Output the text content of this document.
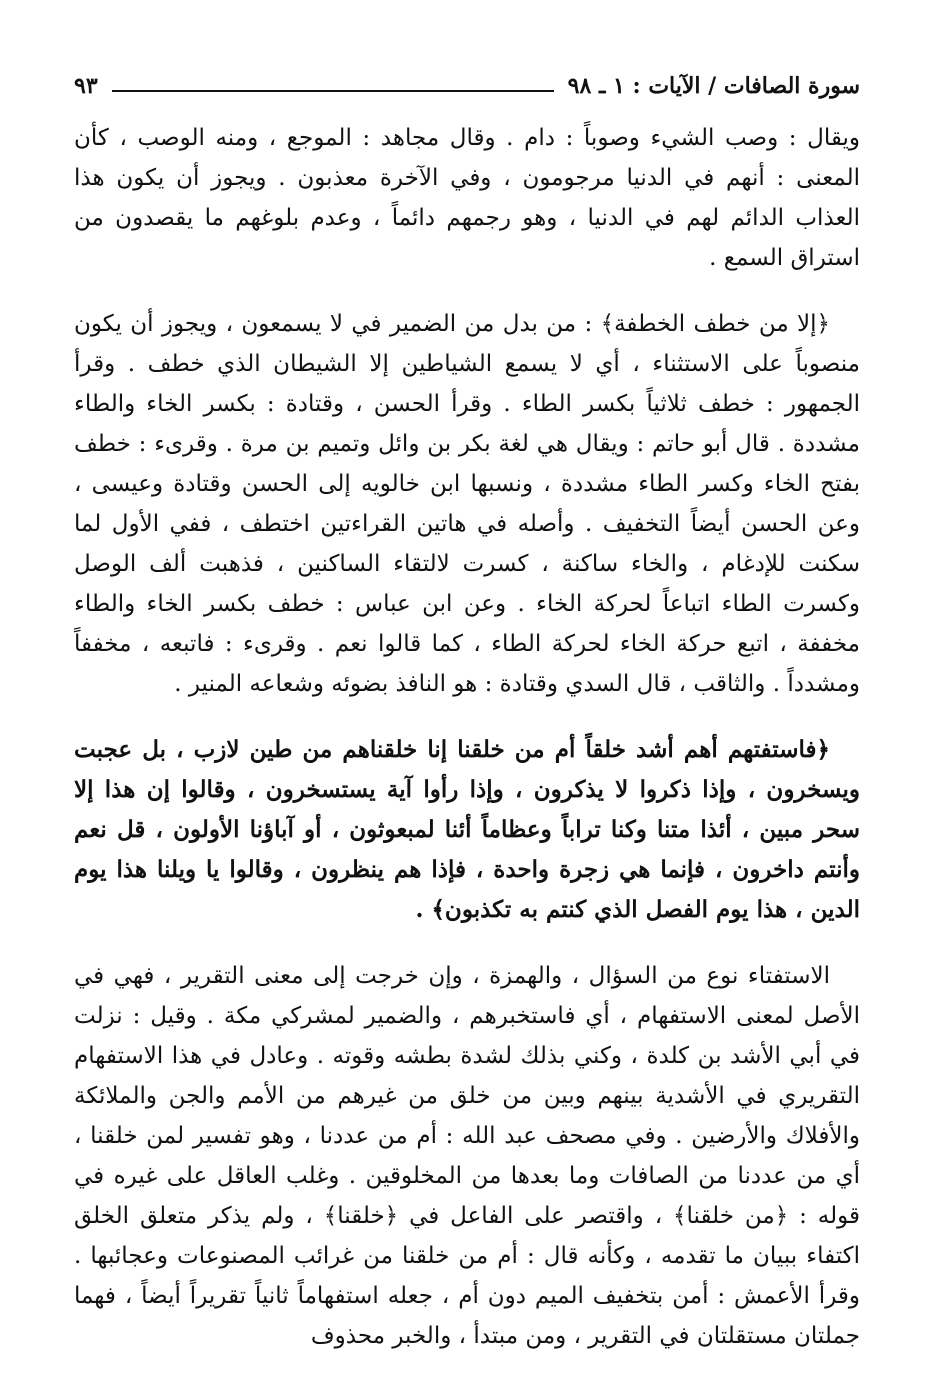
سورة الصافات / الآيات : ١ ـ ٩٨
٩٣

ويقال : وصب الشيء وصوباً : دام . وقال مجاهد : الموجع ، ومنه الوصب ، كأن المعنى : أنهم في الدنيا مرجومون ، وفي الآخرة معذبون . ويجوز أن يكون هذا العذاب الدائم لهم في الدنيا ، وهو رجمهم دائماً ، وعدم بلوغهم ما يقصدون من استراق السمع .

﴿إلا من خطف الخطفة﴾ : من بدل من الضمير في لا يسمعون ، ويجوز أن يكون منصوباً على الاستثناء ، أي لا يسمع الشياطين إلا الشيطان الذي خطف . وقرأ الجمهور : خطف ثلاثياً بكسر الطاء . وقرأ الحسن ، وقتادة : بكسر الخاء والطاء مشددة . قال أبو حاتم : ويقال هي لغة بكر بن وائل وتميم بن مرة . وقرىء : خطف بفتح الخاء وكسر الطاء مشددة ، ونسبها ابن خالويه إلى الحسن وقتادة وعيسى ، وعن الحسن أيضاً التخفيف . وأصله في هاتين القراءتين اختطف ، ففي الأول لما سكنت للإدغام ، والخاء ساكنة ، كسرت لالتقاء الساكنين ، فذهبت ألف الوصل وكسرت الطاء اتباعاً لحركة الخاء . وعن ابن عباس : خطف بكسر الخاء والطاء مخففة ، اتبع حركة الخاء لحركة الطاء ، كما قالوا نعم . وقرىء : فاتبعه ، مخففاً ومشدداً . والثاقب ، قال السدي وقتادة : هو النافذ بضوئه وشعاعه المنير .

﴿فاستفتهم أهم أشد خلقاً أم من خلقنا إنا خلقناهم من طين لازب ، بل عجبت ويسخرون ، وإذا ذكروا لا يذكرون ، وإذا رأوا آية يستسخرون ، وقالوا إن هذا إلا سحر مبين ، أئذا متنا وكنا تراباً وعظاماً أئنا لمبعوثون ، أو آباؤنا الأولون ، قل نعم وأنتم داخرون ، فإنما هي زجرة واحدة ، فإذا هم ينظرون ، وقالوا يا ويلنا هذا يوم الدين ، هذا يوم الفصل الذي كنتم به تكذبون﴾ .

الاستفتاء نوع من السؤال ، والهمزة ، وإن خرجت إلى معنى التقرير ، فهي في الأصل لمعنى الاستفهام ، أي فاستخبرهم ، والضمير لمشركي مكة . وقيل : نزلت في أبي الأشد بن كلدة ، وكني بذلك لشدة بطشه وقوته . وعادل في هذا الاستفهام التقريري في الأشدية بينهم وبين من خلق من غيرهم من الأمم والجن والملائكة والأفلاك والأرضين . وفي مصحف عبد الله : أم من عددنا ، وهو تفسير لمن خلقنا ، أي من عددنا من الصافات وما بعدها من المخلوقين . وغلب العاقل على غيره في قوله : ﴿من خلقنا﴾ ، واقتصر على الفاعل في ﴿خلقنا﴾ ، ولم يذكر متعلق الخلق اكتفاء ببيان ما تقدمه ، وكأنه قال : أم من خلقنا من غرائب المصنوعات وعجائبها . وقرأ الأعمش : أمن بتخفيف الميم دون أم ، جعله استفهاماً ثانياً تقريراً أيضاً ، فهما جملتان مستقلتان في التقرير ، ومن مبتدأ ، والخبر محذوف
